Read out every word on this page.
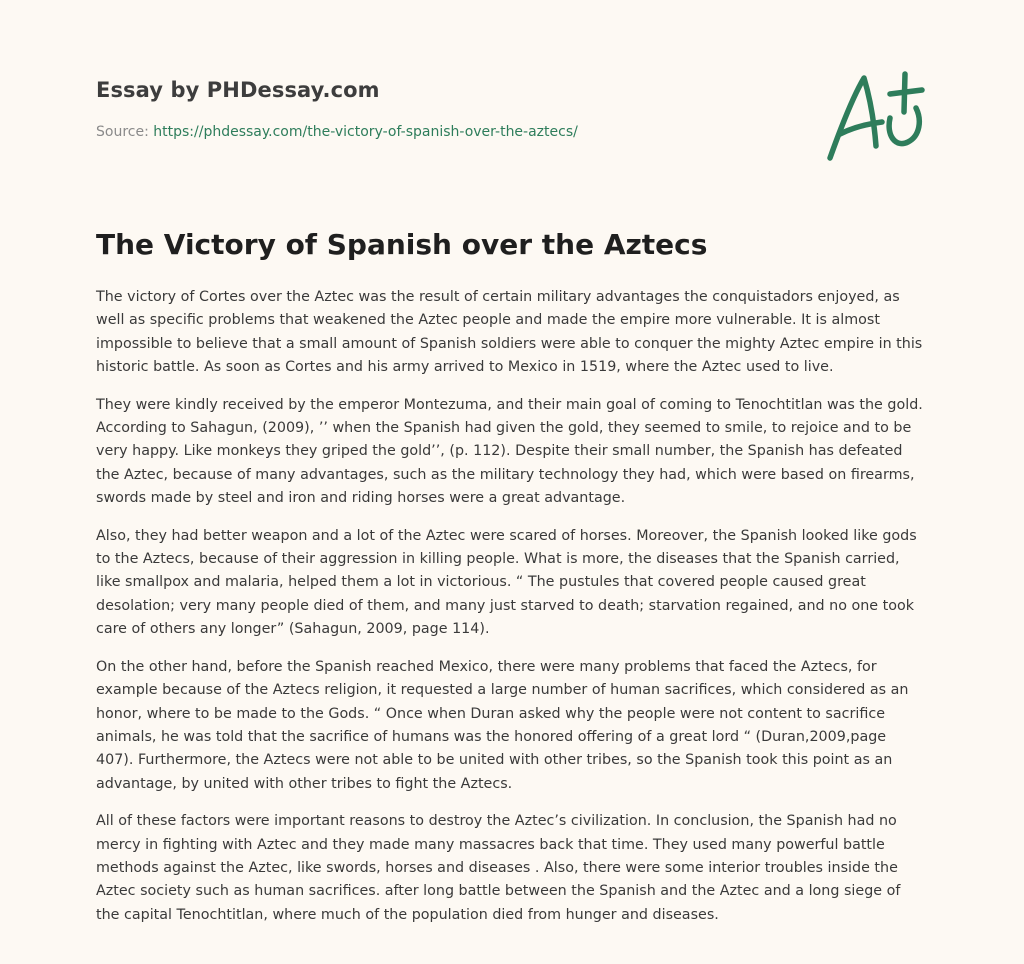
Essay by PHDessay.com
Source: https://phdessay.com/the-victory-of-spanish-over-the-aztecs/
The Victory of Spanish over the Aztecs

The victory of Cortes over the Aztec was the result of certain military advantages the conquistadors enjoyed, as well as specific problems that weakened the Aztec people and made the empire more vulnerable. It is almost impossible to believe that a small amount of Spanish soldiers were able to conquer the mighty Aztec empire in this historic battle. As soon as Cortes and his army arrived to Mexico in 1519, where the Aztec used to live.

They were kindly received by the emperor Montezuma, and their main goal of coming to Tenochtitlan was the gold. According to Sahagun, (2009), ’’ when the Spanish had given the gold, they seemed to smile, to rejoice and to be very happy. Like monkeys they griped the gold’’, (p. 112). Despite their small number, the Spanish has defeated the Aztec, because of many advantages, such as the military technology they had, which were based on firearms, swords made by steel and iron and riding horses were a great advantage.

Also, they had better weapon and a lot of the Aztec were scared of horses. Moreover, the Spanish looked like gods to the Aztecs, because of their aggression in killing people. What is more, the diseases that the Spanish carried, like smallpox and malaria, helped them a lot in victorious. “ The pustules that covered people caused great desolation; very many people died of them, and many just starved to death; starvation regained, and no one took care of others any longer” (Sahagun, 2009, page 114).

On the other hand, before the Spanish reached Mexico, there were many problems that faced the Aztecs, for example because of the Aztecs religion, it requested a large number of human sacrifices, which considered as an honor, where to be made to the Gods. “ Once when Duran asked why the people were not content to sacrifice animals, he was told that the sacrifice of humans was the honored offering of a great lord “ (Duran,2009,page 407). Furthermore, the Aztecs were not able to be united with other tribes, so the Spanish took this point as an advantage, by united with other tribes to fight the Aztecs.

All of these factors were important reasons to destroy the Aztec’s civilization. In conclusion, the Spanish had no mercy in fighting with Aztec and they made many massacres back that time. They used many powerful battle methods against the Aztec, like swords, horses and diseases . Also, there were some interior troubles inside the Aztec society such as human sacrifices. after long battle between the Spanish and the Aztec and a long siege of the capital Tenochtitlan, where much of the population died from hunger and diseases.
